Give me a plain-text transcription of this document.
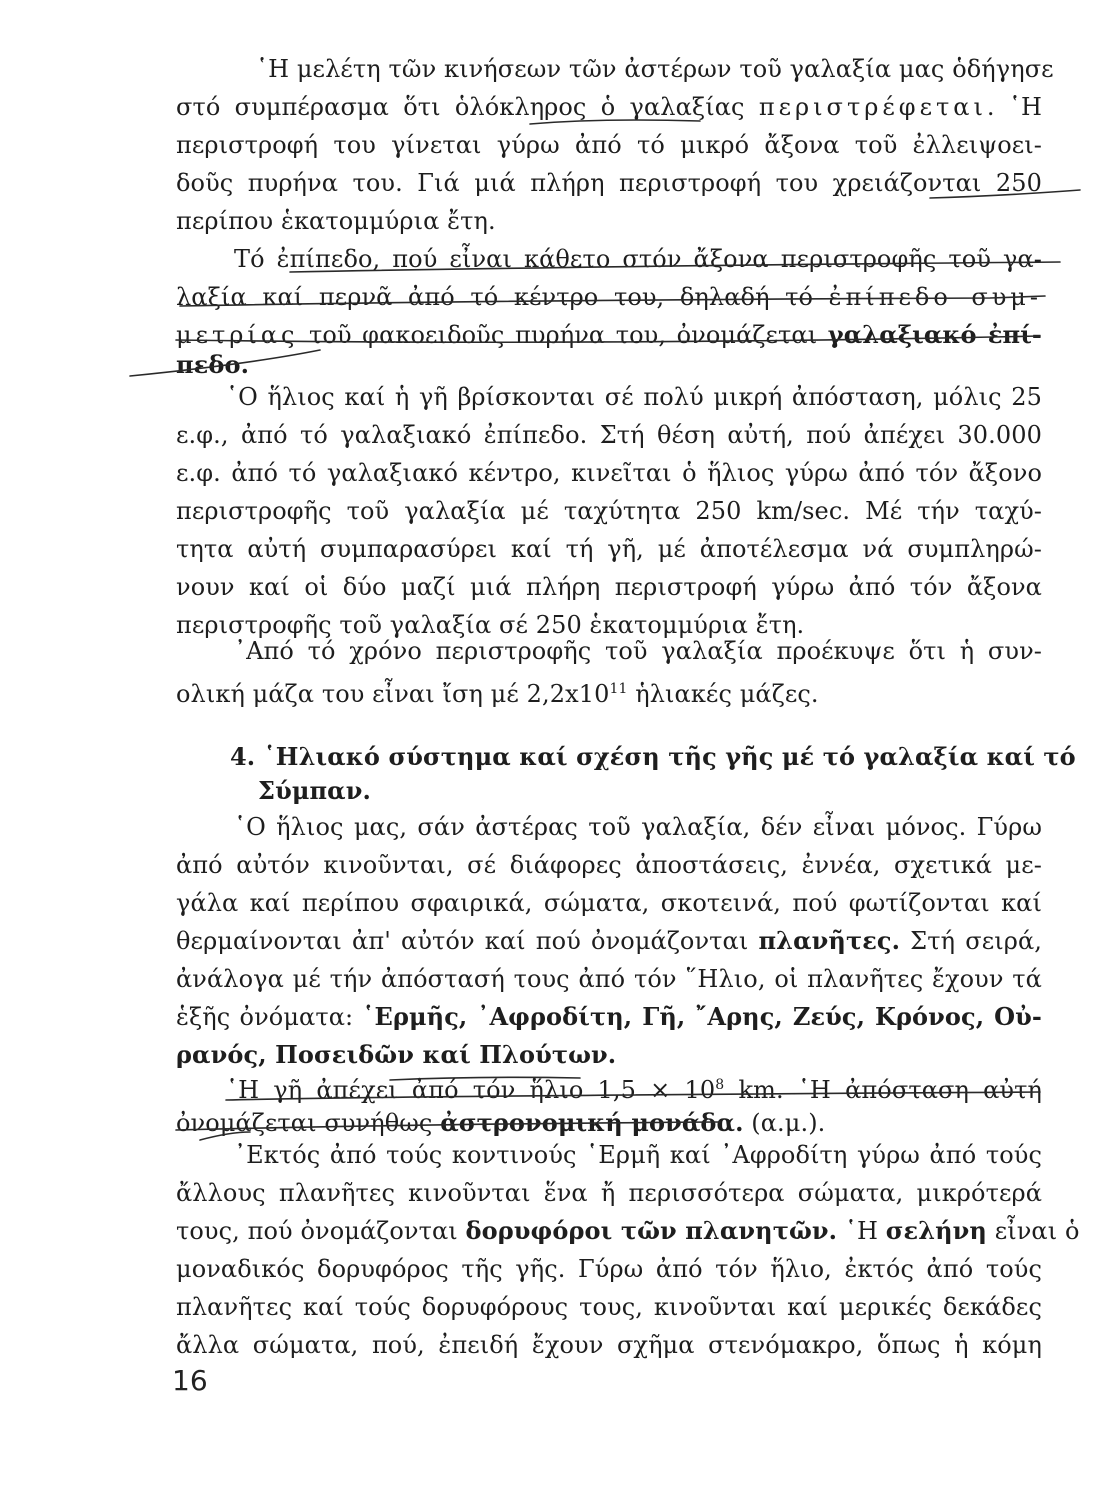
῾Η μελέτη τῶν κινήσεων τῶν ἀστέρων τοῦ γαλαξία μας ὁδήγησε
στό συμπέρασμα ὅτι ὁλόκληρος ὁ γαλαξίας περιστρέφεται. ῾Η
περιστροφή του γίνεται γύρω ἀπό τό μικρό ἄξονα τοῦ ἐλλειψοει-
δοῦς πυρήνα του. Γιά μιά πλήρη περιστροφή του χρειάζονται 250
περίπου ἑκατομμύρια ἔτη.
Τό ἐπίπεδο, πού εἶναι κάθετο στόν ἄξονα περιστροφῆς τοῦ γα-
λαξία καί περνᾶ ἀπό τό κέντρο του, δηλαδή τό ἐπίπεδο συμ-
μετρίας τοῦ φακοειδοῦς πυρήνα του, ὀνομάζεται γαλαξιακό ἐπί-
πεδο.
῾Ο ἥλιος καί ἡ γῆ βρίσκονται σέ πολύ μικρή ἀπόσταση, μόλις 25
ε.φ., ἀπό τό γαλαξιακό ἐπίπεδο. Στή θέση αὐτή, πού ἀπέχει 30.000
ε.φ. ἀπό τό γαλαξιακό κέντρο, κινεῖται ὁ ἥλιος γύρω ἀπό τόν ἄξονο
περιστροφῆς τοῦ γαλαξία μέ ταχύτητα 250 km/sec. Μέ τήν ταχύ-
τητα αὐτή συμπαρασύρει καί τή γῆ, μέ ἀποτέλεσμα νά συμπληρώ-
νουν καί οἱ δύο μαζί μιά πλήρη περιστροφή γύρω ἀπό τόν ἄξονα
περιστροφῆς τοῦ γαλαξία σέ 250 ἑκατομμύρια ἔτη.
᾿Από τό χρόνο περιστροφῆς τοῦ γαλαξία προέκυψε ὅτι ἡ συν-
ολική μάζα του εἶναι ἴση μέ $2,2x10^{11}$ ἡλιακές μάζες.
4. ῾Ηλιακό σύστημα καί σχέση τῆς γῆς μέ τό γαλαξία καί τό
Σύμπαν.
῾Ο ἥλιος μας, σάν ἀστέρας τοῦ γαλαξία, δέν εἶναι μόνος. Γύρω
ἀπό αὐτόν κινοῦνται, σέ διάφορες ἀποστάσεις, ἐννέα, σχετικά με-
γάλα καί περίπου σφαιρικά, σώματα, σκοτεινά, πού φωτίζονται καί
θερμαίνονται ἀπ' αὐτόν καί πού ὀνομάζονται πλανῆτες. Στή σειρά,
ἀνάλογα μέ τήν ἀπόστασή τους ἀπό τόν ῞Ηλιο, οἱ πλανῆτες ἔχουν τά
ἑξῆς ὀνόματα: ῾Ερμῆς, ᾿Αφροδίτη, Γῆ, ῎Αρης, Ζεύς, Κρόνος, Οὐ-
ρανός, Ποσειδῶν καί Πλούτων.
῾Η γῆ ἀπέχει ἀπό τόν ἥλιο $1,5 \times 10^8$ km. ῾Η ἀπόσταση αὐτή
ὀνομάζεται συνήθως ἀστρονομική μονάδα. (α.μ.).
᾿Εκτός ἀπό τούς κοντινούς ῾Ερμῆ καί ᾿Αφροδίτη γύρω ἀπό τούς
ἄλλους πλανῆτες κινοῦνται ἕνα ἤ περισσότερα σώματα, μικρότερά
τους, πού ὀνομάζονται δορυφόροι τῶν πλανητῶν. ῾Η σελήνη εἶναι ὁ
μοναδικός δορυφόρος τῆς γῆς. Γύρω ἀπό τόν ἥλιο, ἐκτός ἀπό τούς
πλανῆτες καί τούς δορυφόρους τους, κινοῦνται καί μερικές δεκάδες
ἄλλα σώματα, πού, ἐπειδή ἔχουν σχῆμα στενόμακρο, ὅπως ἡ κόμη
16
